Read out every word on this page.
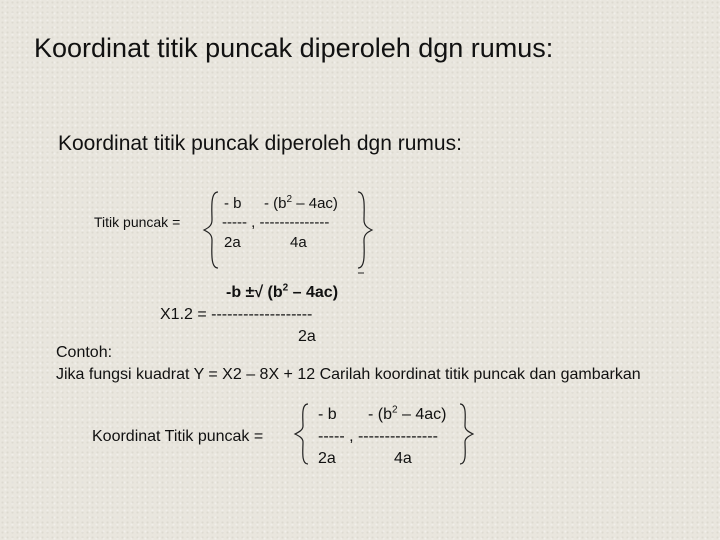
Koordinat titik puncak diperoleh dgn rumus:
Koordinat titik puncak diperoleh dgn rumus:
Titik puncak =
- b - $(b^2 - 4ac)$
----- , --------------
2a	4a
-b ±√ $(b^2 - 4ac)$
X1.2 = -------------------
2a
Contoh:
Jika fungsi kuadrat Y = X2 – 8X + 12 Carilah koordinat titik puncak dan gambarkan
Koordinat Titik puncak =
- b - $(b^2 - 4ac)$
----- , ---------------
2a	4a
